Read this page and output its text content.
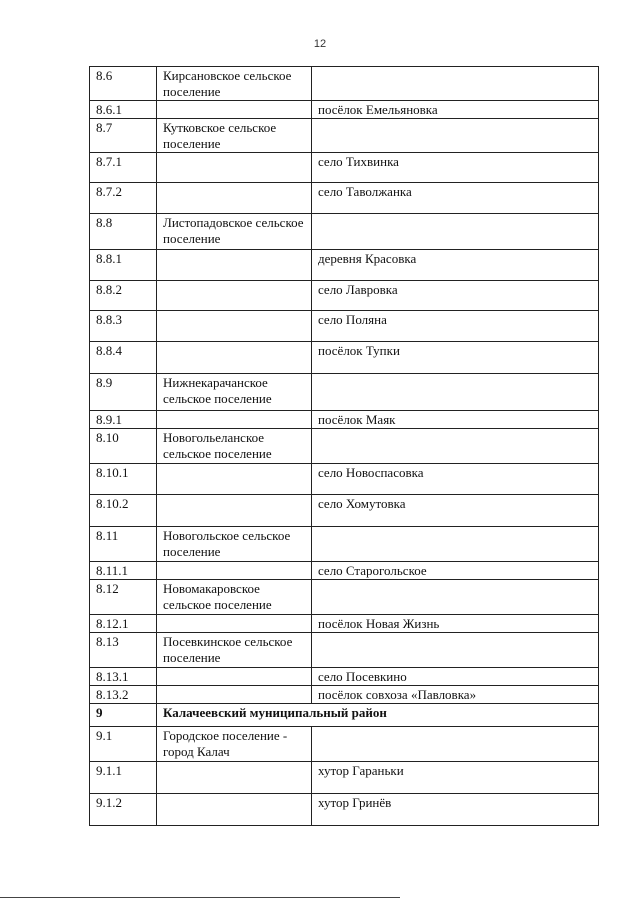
12
8.6	Кирсановское сельское поселение	
8.6.1		посёлок Емельяновка
8.7	Кутковское сельское поселение	
8.7.1		село Тихвинка
8.7.2		село Таволжанка
8.8	Листопадовское сельское поселение	
8.8.1		деревня Красовка
8.8.2		село Лавровка
8.8.3		село Поляна
8.8.4		посёлок Тупки
8.9	Нижнекарачанское сельское поселение	
8.9.1		посёлок Маяк
8.10	Новогольеланское сельское поселение	
8.10.1		село Новоспасовка
8.10.2		село Хомутовка
8.11	Новогольское сельское поселение	
8.11.1		село Старогольское
8.12	Новомакаровское сельское поселение	
8.12.1		посёлок Новая Жизнь
8.13	Посевкинское сельское поселение	
8.13.1		село Посевкино
8.13.2		посёлок совхоза «Павловка»
9	Калачеевский муниципальный район	
9.1	Городское поселение - город Калач	
9.1.1		хутор Гараньки
9.1.2		хутор Гринёв
